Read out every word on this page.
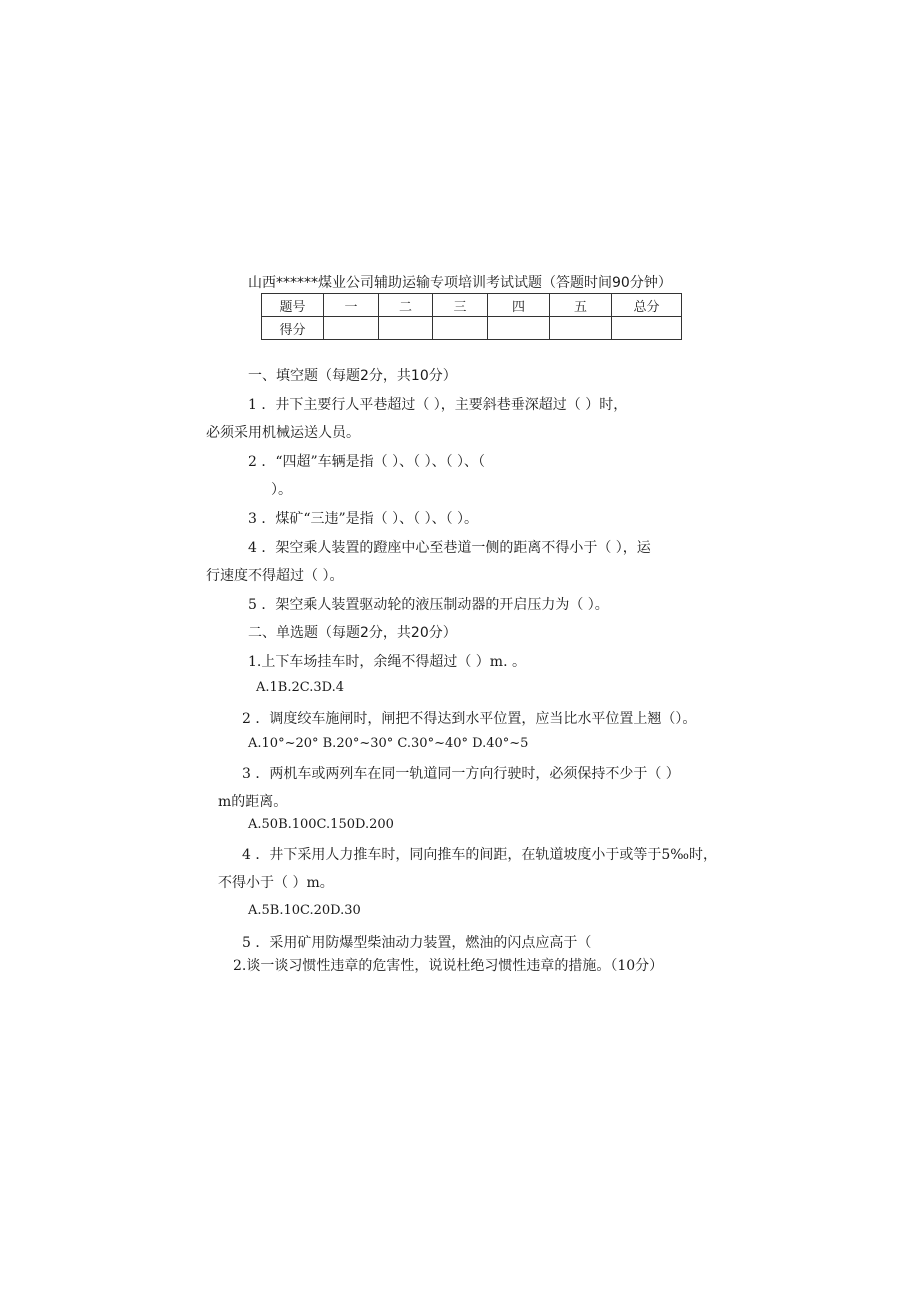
山西******煤业公司辅助运输专项培训考试试题（答题时间90分钟）
题号	一	二	三	四	五	总分
得分						
一、填空题（每题2分，共10分）
1 ．井下主要行人平巷超过（ ），主要斜巷垂深超过（ ）时，
必须采用机械运送人员。
2 ．“四超”车辆是指（ ）、（ ）、（ ）、（
）。
3 ．煤矿“三违”是指（ ）、（ ）、（ ）。
4 ．架空乘人装置的蹬座中心至巷道一侧的距离不得小于（ ），运
行速度不得超过（ ）。
5 ．架空乘人装置驱动轮的液压制动器的开启压力为（ ）。
二、单选题（每题2分，共20分）
1.上下车场挂车时，余绳不得超过（ ）m. 。
A.1B.2C.3D.4
2 ．调度绞车施闸时，闸把不得达到水平位置，应当比水平位置上翘（）。
A.10°~20° B.20°~30° C.30°~40° D.40°~5
3 ．两机车或两列车在同一轨道同一方向行驶时，必须保持不少于（ ）
m的距离。
A.50B.100C.150D.200
4 ．井下采用人力推车时，同向推车的间距，在轨道坡度小于或等于5‰时，
不得小于（ ）m。
A.5B.10C.20D.30
5 ．采用矿用防爆型柴油动力装置，燃油的闪点应高于（
2.谈一谈习惯性违章的危害性，说说杜绝习惯性违章的措施。（10分）
